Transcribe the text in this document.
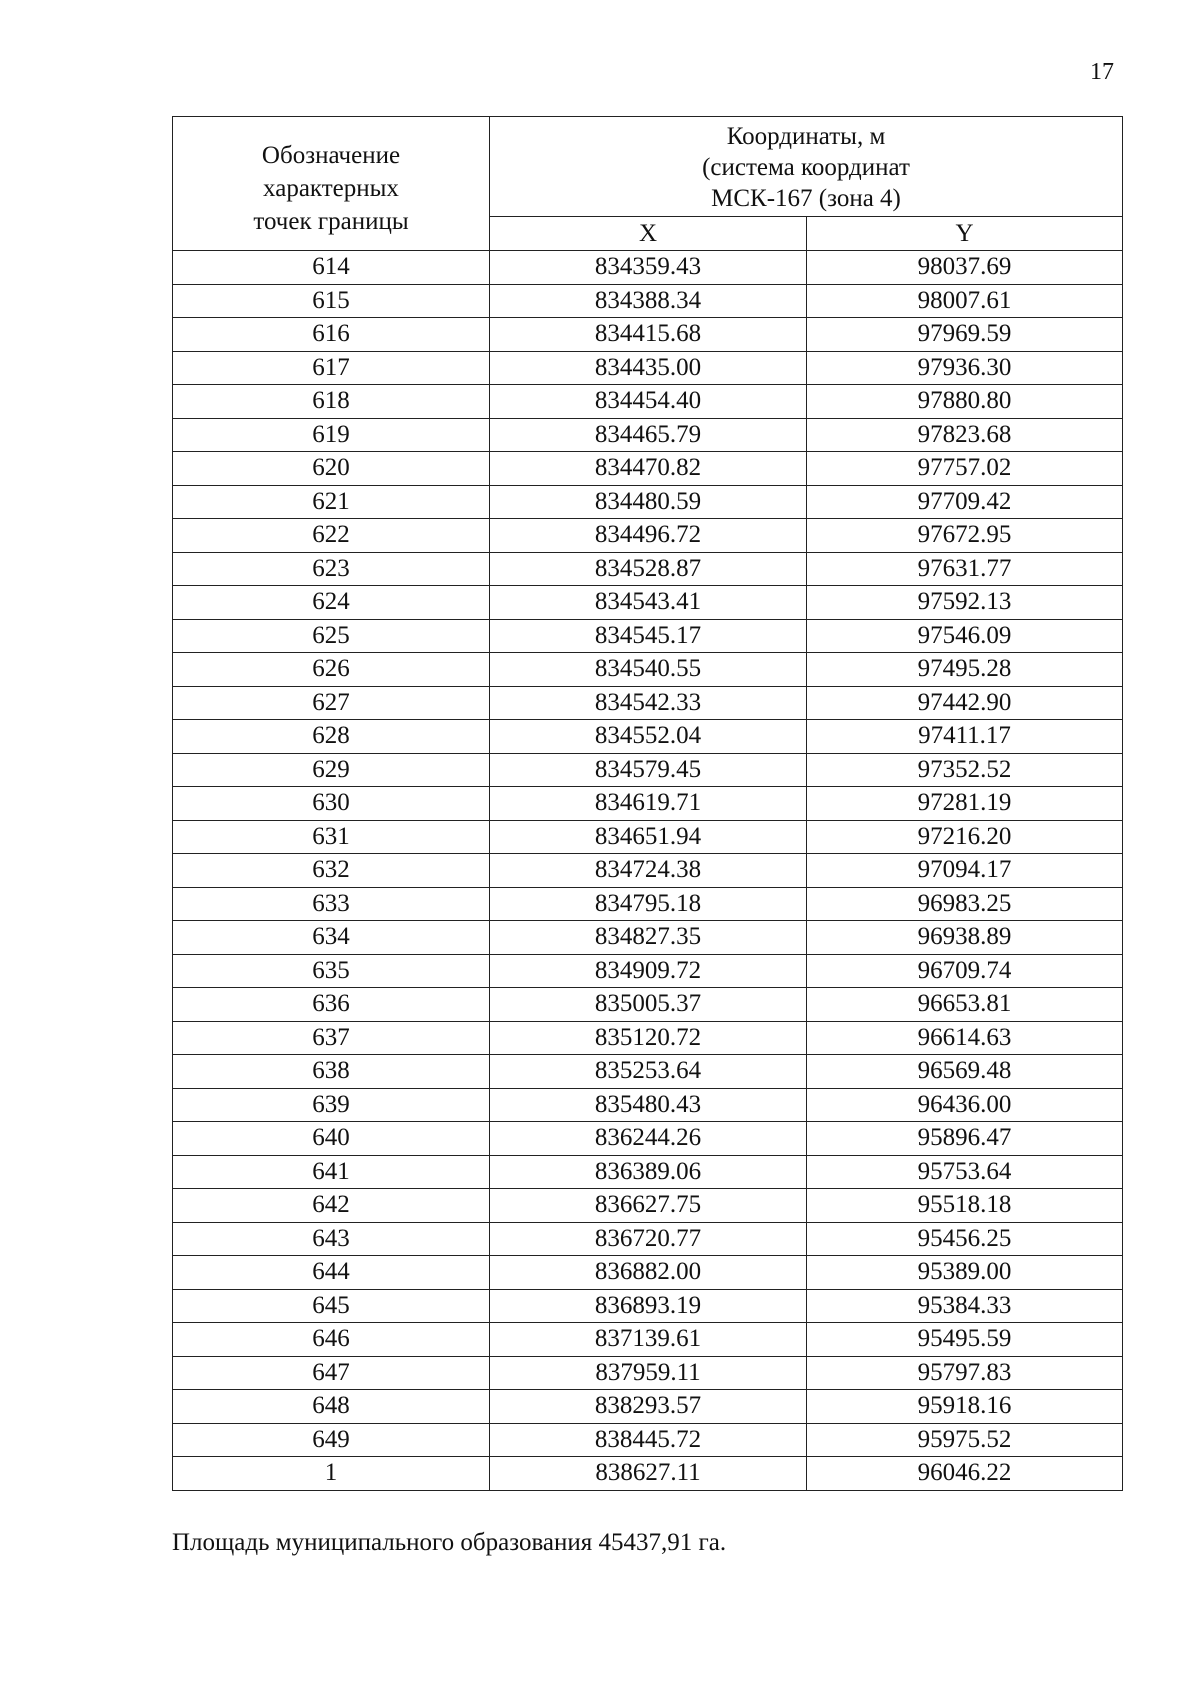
17
Обозначение
характерных
точек границы	Координаты, м
(система координат
МСК-167 (зона 4)	

	X	Y
614	834359.43	98037.69
615	834388.34	98007.61
616	834415.68	97969.59
617	834435.00	97936.30
618	834454.40	97880.80
619	834465.79	97823.68
620	834470.82	97757.02
621	834480.59	97709.42
622	834496.72	97672.95
623	834528.87	97631.77
624	834543.41	97592.13
625	834545.17	97546.09
626	834540.55	97495.28
627	834542.33	97442.90
628	834552.04	97411.17
629	834579.45	97352.52
630	834619.71	97281.19
631	834651.94	97216.20
632	834724.38	97094.17
633	834795.18	96983.25
634	834827.35	96938.89
635	834909.72	96709.74
636	835005.37	96653.81
637	835120.72	96614.63
638	835253.64	96569.48
639	835480.43	96436.00
640	836244.26	95896.47
641	836389.06	95753.64
642	836627.75	95518.18
643	836720.77	95456.25
644	836882.00	95389.00
645	836893.19	95384.33
646	837139.61	95495.59
647	837959.11	95797.83
648	838293.57	95918.16
649	838445.72	95975.52
1	838627.11	96046.22
Площадь муниципального образования 45437,91 га.
